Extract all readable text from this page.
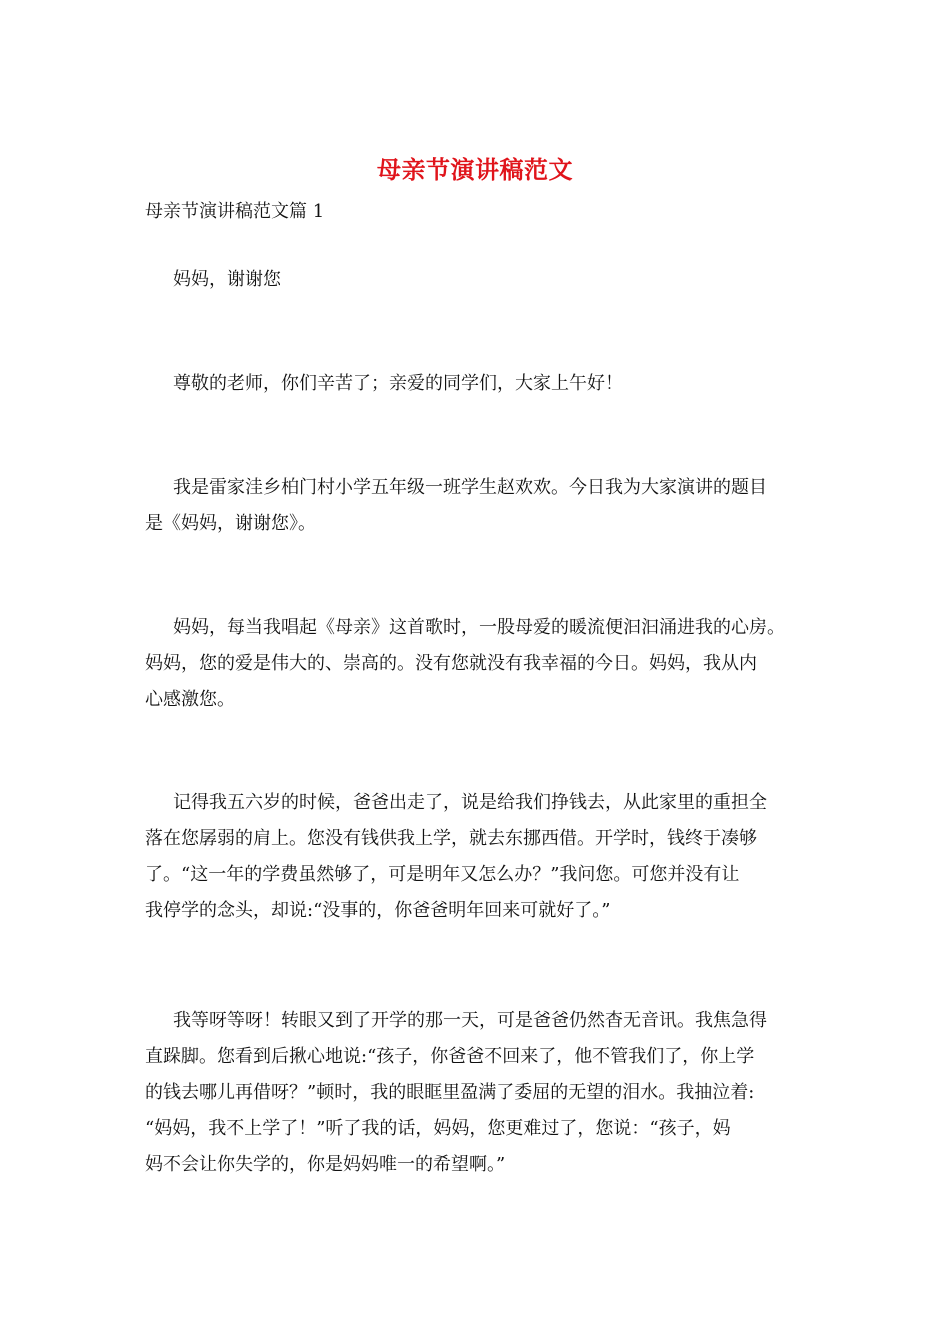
母亲节演讲稿范文
母亲节演讲稿范文篇 1
妈妈，谢谢您
尊敬的老师，你们辛苦了；亲爱的同学们，大家上午好！
我是雷家洼乡柏门村小学五年级一班学生赵欢欢。今日我为大家演讲的题目
是《妈妈，谢谢您》。
妈妈，每当我唱起《母亲》这首歌时，一股母爱的暖流便汩汩涌进我的心房。
妈妈，您的爱是伟大的、崇高的。没有您就没有我幸福的今日。妈妈，我从内
心感激您。
记得我五六岁的时候，爸爸出走了，说是给我们挣钱去，从此家里的重担全
落在您孱弱的肩上。您没有钱供我上学，就去东挪西借。开学时，钱终于凑够
了。“这一年的学费虽然够了，可是明年又怎么办？”我问您。可您并没有让
我停学的念头，却说:“没事的，你爸爸明年回来可就好了。”
我等呀等呀！转眼又到了开学的那一天，可是爸爸仍然杳无音讯。我焦急得
直跺脚。您看到后揪心地说:“孩子，你爸爸不回来了，他不管我们了，你上学
的钱去哪儿再借呀？”顿时，我的眼眶里盈满了委屈的无望的泪水。我抽泣着:
“妈妈，我不上学了！”听了我的话，妈妈，您更难过了，您说：“孩子，妈
妈不会让你失学的，你是妈妈唯一的希望啊。”
